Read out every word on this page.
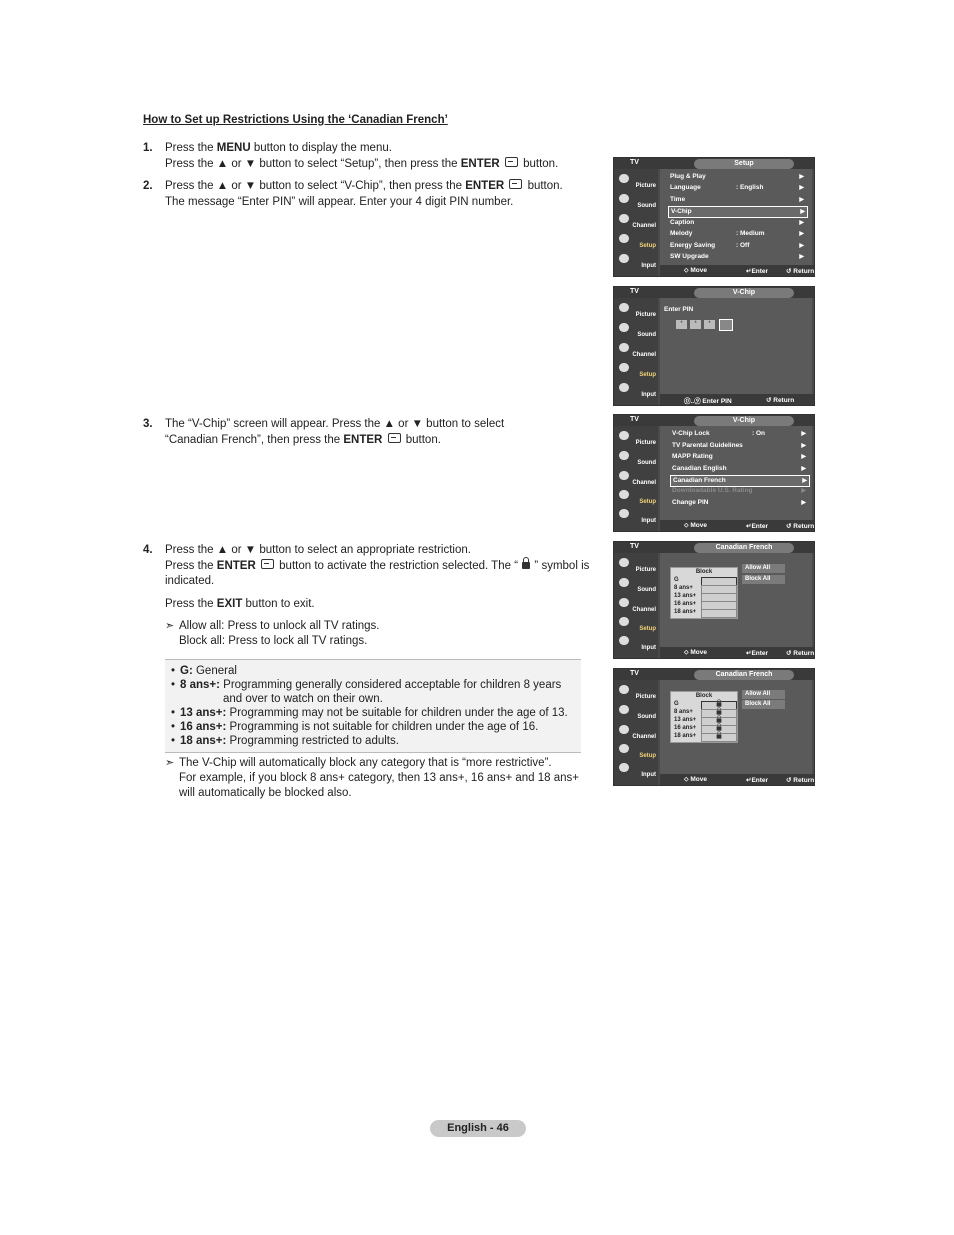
How to Set up Restrictions Using the ‘Canadian French’
1.	Press the MENU button to display the menu.
Press the ▲ or ▼ button to select “Setup”, then press the ENTER  button.
2.	Press the ▲ or ▼ button to select “V-Chip”, then press the ENTER  button.
The message “Enter PIN” will appear. Enter your 4 digit PIN number.
3.	The “V-Chip” screen will appear. Press the ▲ or ▼ button to select
“Canadian French”, then press the ENTER  button.
4.	Press the ▲ or ▼ button to select an appropriate restriction.
Press the ENTER  button to activate the restriction selected. The “  ” symbol is
indicated.
Press the EXIT button to exit.
➣ Allow all: Press to unlock all TV ratings.
Block all: Press to lock all TV ratings.
• G: General
• 8 ans+: Programming generally considered acceptable for children 8 years
and over to watch on their own.
• 13 ans+: Programming may not be suitable for children under the age of 13.
• 16 ans+: Programming is not suitable for children under the age of 16.
• 18 ans+: Programming restricted to adults.
➣ The V-Chip will automatically block any category that is “more restrictive”.
For example, if you block 8 ans+ category, then 13 ans+, 16 ans+ and 18 ans+
will automatically be blocked also.
TV	Setup
Picture
Sound
Channel
Setup
Input
Plug & Play	▶
Language	: English	▶
Time	▶
V-Chip	▶
Caption	▶
Melody	: Medium	▶
Energy Saving	: Off	▶
SW Upgrade	▶
⬦ Move	↵Enter	↺ Return
TV	V-Chip
Picture
Sound
Channel
Setup
Input
Enter PIN
*	*	*
⓪..⑨ Enter PIN	↺ Return
TV	V-Chip
Picture
Sound
Channel
Setup
Input
V-Chip Lock	: On	▶
TV Parental Guidelines	▶
MAPP Rating	▶
Canadian English	▶
Canadian French	▶
Downloadable U.S. Rating	▶
Change PIN	▶
⬦ Move	↵Enter	↺ Return
TV	Canadian French
Picture
Sound
Channel
Setup
Input
Block
G
8 ans+
13 ans+
16 ans+
18 ans+
Allow All
Block All
⬦ Move	↵Enter	↺ Return
TV	Canadian French
Picture
Sound
Channel
Setup
Input
Block
G
8 ans+
13 ans+
16 ans+
18 ans+
Allow All
Block All
⬦ Move	↵Enter	↺ Return
English - 46
